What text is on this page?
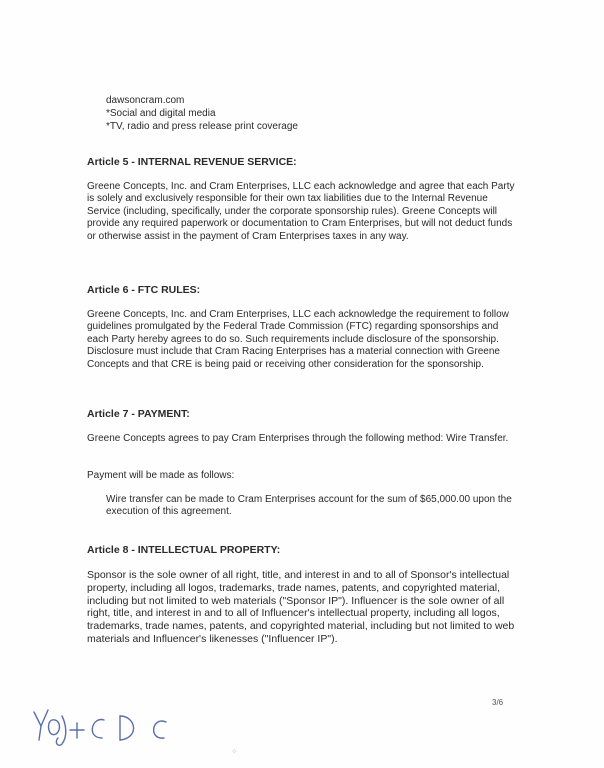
dawsoncram.com
*Social and digital media
*TV, radio and press release print coverage
Article 5 - INTERNAL REVENUE SERVICE:
Greene Concepts, Inc. and Cram Enterprises, LLC each acknowledge and agree that each Party is solely and exclusively responsible for their own tax liabilities due to the Internal Revenue Service (including, specifically, under the corporate sponsorship rules). Greene Concepts will provide any required paperwork or documentation to Cram Enterprises, but will not deduct funds or otherwise assist in the payment of Cram Enterprises taxes in any way.
Article 6 - FTC RULES:
Greene Concepts, Inc. and Cram Enterprises, LLC each acknowledge the requirement to follow guidelines promulgated by the Federal Trade Commission (FTC) regarding sponsorships and each Party hereby agrees to do so. Such requirements include disclosure of the sponsorship. Disclosure must include that Cram Racing Enterprises has a material connection with Greene Concepts and that CRE is being paid or receiving other consideration for the sponsorship.
Article 7 - PAYMENT:
Greene Concepts agrees to pay Cram Enterprises through the following method: Wire Transfer.
Payment will be made as follows:
Wire transfer can be made to Cram Enterprises account for the sum of $65,000.00 upon the execution of this agreement.
Article 8 - INTELLECTUAL PROPERTY:
Sponsor is the sole owner of all right, title, and interest in and to all of Sponsor's intellectual property, including all logos, trademarks, trade names, patents, and copyrighted material, including but not limited to web materials ("Sponsor IP"). Influencer is the sole owner of all right, title, and interest in and to all of Influencer's intellectual property, including all logos, trademarks, trade names, patents, and copyrighted material, including but not limited to web materials and Influencer's likenesses ("Influencer IP").
3/6
✧
